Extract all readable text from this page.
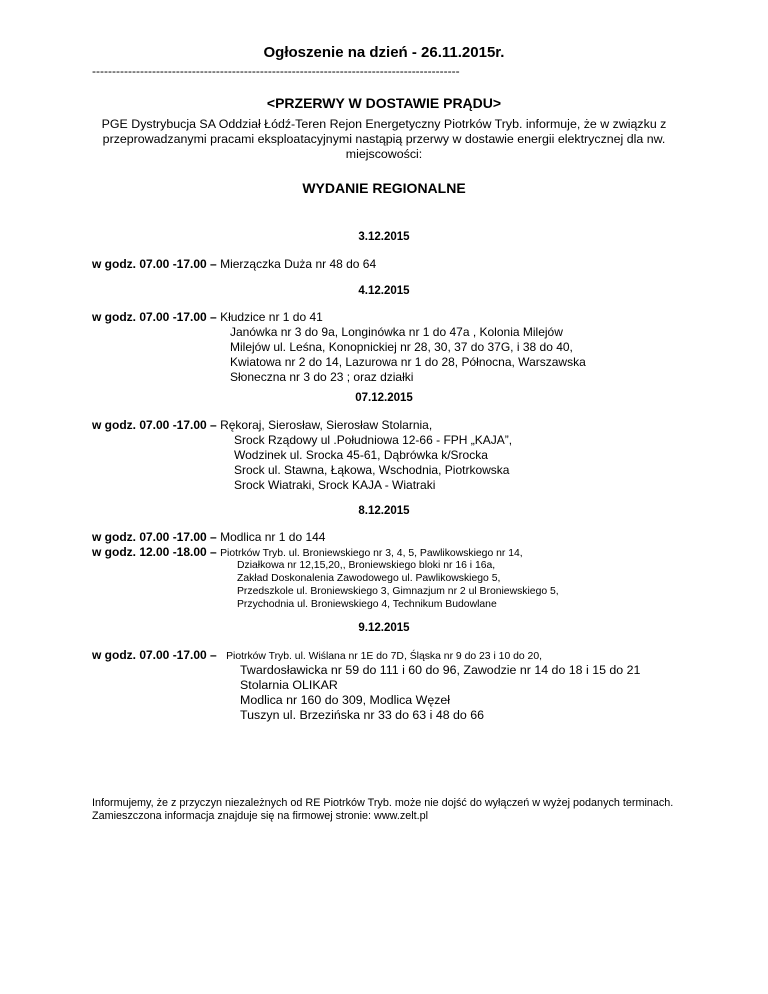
Ogłoszenie na dzień - 26.11.2015r.
--------------------------------------------------------------------------------------------
<PRZERWY W DOSTAWIE PRĄDU>
PGE Dystrybucja SA Oddział Łódź-Teren Rejon Energetyczny Piotrków Tryb. informuje, że w związku z przeprowadzanymi pracami eksploatacyjnymi nastąpią przerwy w dostawie energii elektrycznej dla nw. miejscowości:
WYDANIE REGIONALNE
3.12.2015
w godz. 07.00 -17.00 – Mierzączka Duża nr 48 do 64
4.12.2015
w godz. 07.00 -17.00 – Kłudzice nr 1 do 41
Janówka nr 3 do 9a, Longinówka nr 1 do 47a , Kolonia Milejów
Milejów ul. Leśna, Konopnickiej nr 28, 30, 37 do 37G, i 38 do 40,
Kwiatowa nr 2 do 14, Lazurowa nr 1 do 28, Północna, Warszawska
Słoneczna nr 3 do 23 ; oraz działki
07.12.2015
w godz. 07.00 -17.00 – Rękoraj, Sierosław, Sierosław Stolarnia,
Srock Rządowy ul .Południowa 12-66 - FPH „KAJA”,
Wodzinek ul. Srocka 45-61, Dąbrówka k/Srocka
Srock ul. Stawna, Łąkowa, Wschodnia, Piotrkowska
Srock Wiatraki, Srock KAJA - Wiatraki
8.12.2015
w godz. 07.00 -17.00 – Modlica nr 1 do 144
w godz. 12.00 -18.00 – Piotrków Tryb. ul. Broniewskiego nr 3, 4, 5, Pawlikowskiego nr 14,
Działkowa nr 12,15,20,, Broniewskiego bloki nr 16 i 16a,
Zakład Doskonalenia Zawodowego ul. Pawlikowskiego 5,
Przedszkole ul. Broniewskiego 3, Gimnazjum nr 2 ul Broniewskiego 5,
Przychodnia ul. Broniewskiego 4, Technikum Budowlane
9.12.2015
w godz. 07.00 -17.00 – Piotrków Tryb. ul. Wiślana nr 1E do 7D, Śląska nr 9 do 23 i 10 do 20,
Twardosławicka nr 59 do 111 i 60 do 96, Zawodzie nr 14 do 18 i 15 do 21
Stolarnia OLIKAR
Modlica nr 160 do 309, Modlica Węzeł
Tuszyn ul. Brzezińska nr 33 do 63 i 48 do 66
Informujemy, że z przyczyn niezależnych od RE Piotrków Tryb. może nie dojść do wyłączeń w wyżej podanych terminach.
Zamieszczona informacja znajduje się na firmowej stronie: www.zelt.pl
